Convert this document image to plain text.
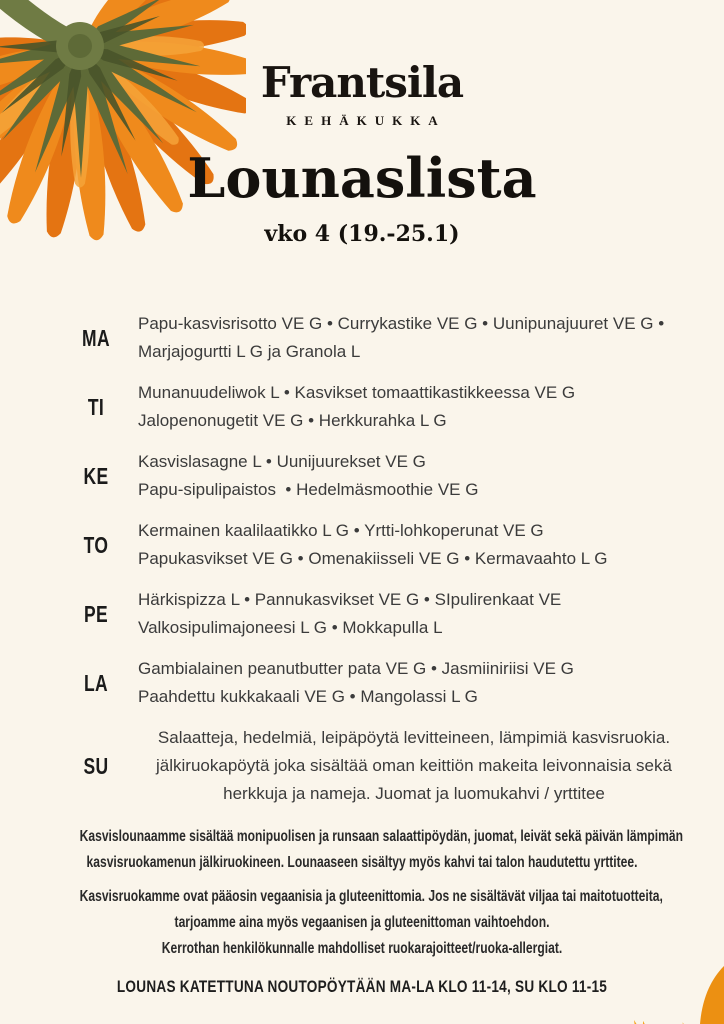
Frantsila
KEHÄKUKKA
Lounaslista
vko 4 (19.-25.1)
MA
Papu-kasvisrisotto VE G • Currykastike VE G • Uunipunajuuret VE G •
Marjajogurtti L G ja Granola L
TI
Munanuudeliwok L • Kasvikset tomaattikastikkeessa VE G
Jalopenonugetit VE G • Herkkurahka L G
KE
Kasvislasagne L • Uunijuurekset VE G
Papu-sipulipaistos  • Hedelmäsmoothie VE G
TO
Kermainen kaalilaatikko L G • Yrtti-lohkoperunat VE G
Papukasvikset VE G • Omenakiisseli VE G • Kermavaahto L G
PE
Härkispizza L • Pannukasvikset VE G • SIpulirenkaat VE
Valkosipulimajoneesi L G • Mokkapulla L
LA
Gambialainen peanutbutter pata VE G • Jasmiiniriisi VE G
Paahdettu kukkakaali VE G • Mangolassi L G
SU
Salaatteja, hedelmiä, leipäpöytä levitteineen, lämpimiä kasvisruokia.
jälkiruokapöytä joka sisältää oman keittiön makeita leivonnaisia sekä
herkkuja ja nameja. Juomat ja luomukahvi / yrttitee
Kasvislounaamme sisältää monipuolisen ja runsaan salaattipöydän, juomat, leivät sekä päivän lämpimän
kasvisruokamenun jälkiruokineen. Lounaaseen sisältyy myös kahvi tai talon haudutettu yrttitee.
Kasvisruokamme ovat pääosin vegaanisia ja gluteenittomia. Jos ne sisältävät viljaa tai maitotuotteita,
tarjoamme aina myös vegaanisen ja gluteenittoman vaihtoehdon.
Kerrothan henkilökunnalle mahdolliset ruokarajoitteet/ruoka-allergiat.
LOUNAS KATETTUNA NOUTOPÖYTÄÄN MA-LA KLO 11-14, SU KLO 11-15
